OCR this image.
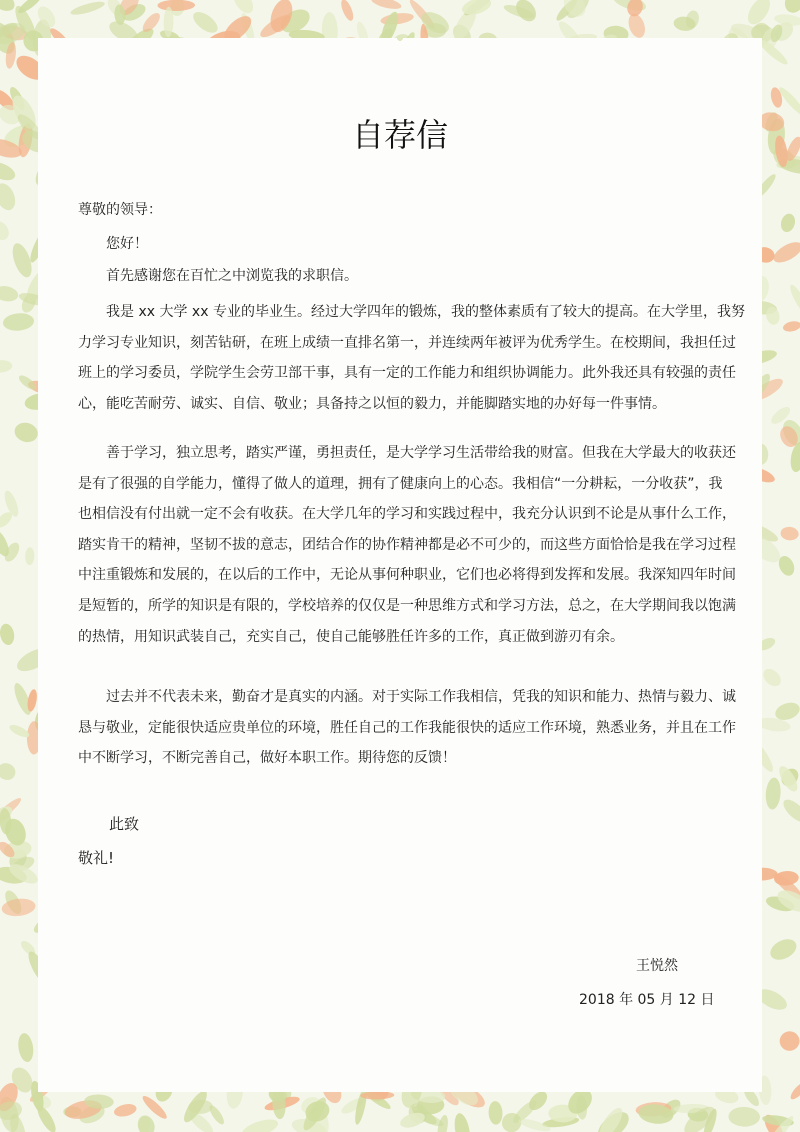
自荐信
尊敬的领导：
您好！
首先感谢您在百忙之中浏览我的求职信。
我是 xx 大学 xx 专业的毕业生。经过大学四年的锻炼，我的整体素质有了较大的提高。在大学里，我努
力学习专业知识，刻苦钻研，在班上成绩一直排名第一，并连续两年被评为优秀学生。在校期间，我担任过
班上的学习委员，学院学生会劳卫部干事，具有一定的工作能力和组织协调能力。此外我还具有较强的责任
心，能吃苦耐劳、诚实、自信、敬业；具备持之以恒的毅力，并能脚踏实地的办好每一件事情。
善于学习，独立思考，踏实严谨，勇担责任，是大学学习生活带给我的财富。但我在大学最大的收获还
是有了很强的自学能力，懂得了做人的道理，拥有了健康向上的心态。我相信“一分耕耘，一分收获”，我
也相信没有付出就一定不会有收获。在大学几年的学习和实践过程中，我充分认识到不论是从事什么工作，
踏实肯干的精神，坚韧不拔的意志，团结合作的协作精神都是必不可少的，而这些方面恰恰是我在学习过程
中注重锻炼和发展的，在以后的工作中，无论从事何种职业，它们也必将得到发挥和发展。我深知四年时间
是短暂的，所学的知识是有限的，学校培养的仅仅是一种思维方式和学习方法，总之，在大学期间我以饱满
的热情，用知识武装自己，充实自己，使自己能够胜任许多的工作，真正做到游刃有余。
过去并不代表未来，勤奋才是真实的内涵。对于实际工作我相信，凭我的知识和能力、热情与毅力、诚
恳与敬业，定能很快适应贵单位的环境，胜任自己的工作我能很快的适应工作环境，熟悉业务，并且在工作
中不断学习，不断完善自己，做好本职工作。期待您的反馈！
此致
敬礼!
王悦然
2018 年 05 月 12 日
